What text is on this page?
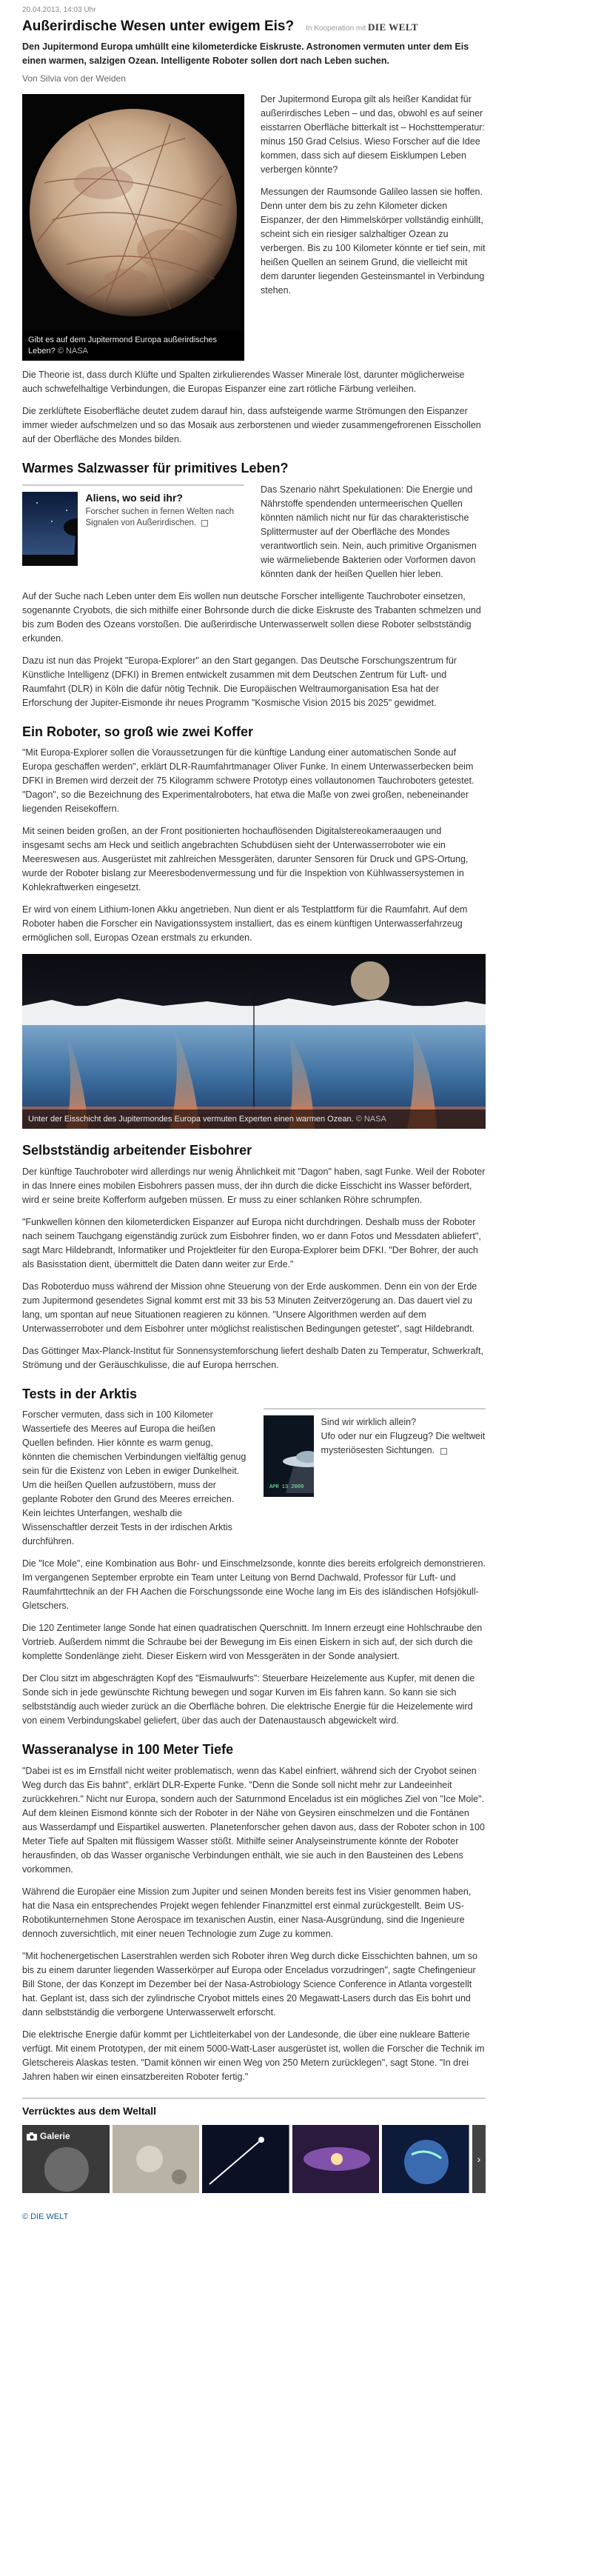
20.04.2013, 14:03 Uhr
Außerirdische Wesen unter ewigem Eis? In Kooperation mit DIE WELT
Den Jupitermond Europa umhüllt eine kilometerdicke Eiskruste. Astronomen vermuten unter dem Eis einen warmen, salzigen Ozean. Intelligente Roboter sollen dort nach Leben suchen.
Von Silvia von der Weiden
Gibt es auf dem Jupitermond Europa außerirdisches Leben? © NASA

Der Jupitermond Europa gilt als heißer Kandidat für außerirdisches Leben – und das, obwohl es auf seiner eisstarren Oberfläche bitterkalt ist – Hochsttemperatur: minus 150 Grad Celsius. Wieso Forscher auf die Idee kommen, dass sich auf diesem Eisklumpen Leben verbergen könnte?

Messungen der Raumsonde Galileo lassen sie hoffen. Denn unter dem bis zu zehn Kilometer dicken Eispanzer, der den Himmelskörper vollständig einhüllt, scheint sich ein riesiger salzhaltiger Ozean zu verbergen. Bis zu 100 Kilometer könnte er tief sein, mit heißen Quellen an seinem Grund, die vielleicht mit dem darunter liegenden Gesteinsmantel in Verbindung stehen.

Die Theorie ist, dass durch Klüfte und Spalten zirkulierendes Wasser Minerale löst, darunter möglicherweise auch schwefelhaltige Verbindungen, die Europas Eispanzer eine zart rötliche Färbung verleihen.

Die zerklüftete Eisoberfläche deutet zudem darauf hin, dass aufsteigende warme Strömungen den Eispanzer immer wieder aufschmelzen und so das Mosaik aus zerborstenen und wieder zusammengefrorenen Eisschollen auf der Oberfläche des Mondes bilden.

Warmes Salzwasser für primitives Leben?
Aliens, wo seid ihr?
Forscher suchen in fernen Welten nach Signalen von Außerirdischen.

Das Szenario nährt Spekulationen: Die Energie und Nährstoffe spendenden untermeerischen Quellen könnten nämlich nicht nur für das charakteristische Splittermuster auf der Oberfläche des Mondes verantwortlich sein. Nein, auch primitive Organismen wie wärmeliebende Bakterien oder Vorformen davon könnten dank der heißen Quellen hier leben.

Auf der Suche nach Leben unter dem Eis wollen nun deutsche Forscher intelligente Tauchroboter einsetzen, sogenannte Cryobots, die sich mithilfe einer Bohrsonde durch die dicke Eiskruste des Trabanten schmelzen und bis zum Boden des Ozeans vorstoßen. Die außerirdische Unterwasserwelt sollen diese Roboter selbstständig erkunden.

Dazu ist nun das Projekt "Europa-Explorer" an den Start gegangen. Das Deutsche Forschungszentrum für Künstliche Intelligenz (DFKI) in Bremen entwickelt zusammen mit dem Deutschen Zentrum für Luft- und Raumfahrt (DLR) in Köln die dafür nötig Technik. Die Europäischen Weltraumorganisation Esa hat der Erforschung der Jupiter-Eismonde ihr neues Programm "Kosmische Vision 2015 bis 2025" gewidmet.

Ein Roboter, so groß wie zwei Koffer

"Mit Europa-Explorer sollen die Voraussetzungen für die künftige Landung einer automatischen Sonde auf Europa geschaffen werden", erklärt DLR-Raumfahrtmanager Oliver Funke. In einem Unterwasserbecken beim DFKI in Bremen wird derzeit der 75 Kilogramm schwere Prototyp eines vollautonomen Tauchroboters getestet. "Dagon", so die Bezeichnung des Experimentalroboters, hat etwa die Maße von zwei großen, nebeneinander liegenden Reisekoffern.

Mit seinen beiden großen, an der Front positionierten hochauflösenden Digitalstereokameraaugen und insgesamt sechs am Heck und seitlich angebrachten Schubdüsen sieht der Unterwasserroboter wie ein Meereswesen aus. Ausgerüstet mit zahlreichen Messgeräten, darunter Sensoren für Druck und GPS-Ortung, wurde der Roboter bislang zur Meeresbodenvermessung und für die Inspektion von Kühlwassersystemen in Kohlekraftwerken eingesetzt.

Er wird von einem Lithium-Ionen Akku angetrieben. Nun dient er als Testplattform für die Raumfahrt. Auf dem Roboter haben die Forscher ein Navigationssystem installiert, das es einem künftigen Unterwasserfahrzeug ermöglichen soll, Europas Ozean erstmals zu erkunden.

Unter der Eisschicht des Jupitermondes Europa vermuten Experten einen warmen Ozean. © NASA
Selbstständig arbeitender Eisbohrer

Der künftige Tauchroboter wird allerdings nur wenig Ähnlichkeit mit "Dagon" haben, sagt Funke. Weil der Roboter in das Innere eines mobilen Eisbohrers passen muss, der ihn durch die dicke Eisschicht ins Wasser befördert, wird er seine breite Kofferform aufgeben müssen. Er muss zu einer schlanken Röhre schrumpfen.

"Funkwellen können den kilometerdicken Eispanzer auf Europa nicht durchdringen. Deshalb muss der Roboter nach seinem Tauchgang eigenständig zurück zum Eisbohrer finden, wo er dann Fotos und Messdaten abliefert", sagt Marc Hildebrandt, Informatiker und Projektleiter für den Europa-Explorer beim DFKI. "Der Bohrer, der auch als Basisstation dient, übermittelt die Daten dann weiter zur Erde."

Das Roboterduo muss während der Mission ohne Steuerung von der Erde auskommen. Denn ein von der Erde zum Jupitermond gesendetes Signal kommt erst mit 33 bis 53 Minuten Zeitverzögerung an. Das dauert viel zu lang, um spontan auf neue Situationen reagieren zu können. "Unsere Algorithmen werden auf dem Unterwasserroboter und dem Eisbohrer unter möglichst realistischen Bedingungen getestet", sagt Hildebrandt.

Das Göttinger Max-Planck-Institut für Sonnensystemforschung liefert deshalb Daten zu Temperatur, Schwerkraft, Strömung und der Geräuschkulisse, die auf Europa herrschen.

Tests in der Arktis

Forscher vermuten, dass sich in 100 Kilometer Wassertiefe des Meeres auf Europa die heißen Quellen befinden. Hier könnte es warm genug, könnten die chemischen Verbindungen vielfältig genug sein für die Existenz von Leben in ewiger Dunkelheit. Um die heißen Quellen aufzustöbern, muss der geplante Roboter den Grund des Meeres erreichen. Kein leichtes Unterfangen, weshalb die Wissenschaftler derzeit Tests in der irdischen Arktis durchführen.

APR 13 2009
Sind wir wirklich allein?
Ufo oder nur ein Flugzeug? Die weltweit mysteriösesten Sichtungen.

Die "Ice Mole", eine Kombination aus Bohr- und Einschmelzsonde, konnte dies bereits erfolgreich demonstrieren. Im vergangenen September erprobte ein Team unter Leitung von Bernd Dachwald, Professor für Luft- und Raumfahrttechnik an der FH Aachen die Forschungssonde eine Woche lang im Eis des isländischen Hofsjökull-Gletschers.

Die 120 Zentimeter lange Sonde hat einen quadratischen Querschnitt. Im Innern erzeugt eine Hohlschraube den Vortrieb. Außerdem nimmt die Schraube bei der Bewegung im Eis einen Eiskern in sich auf, der sich durch die komplette Sondenlänge zieht. Dieser Eiskern wird von Messgeräten in der Sonde analysiert.

Der Clou sitzt im abgeschrägten Kopf des "Eismaulwurfs": Steuerbare Heizelemente aus Kupfer, mit denen die Sonde sich in jede gewünschte Richtung bewegen und sogar Kurven im Eis fahren kann. So kann sie sich selbstständig auch wieder zurück an die Oberfläche bohren. Die elektrische Energie für die Heizelemente wird von einem Verbindungskabel geliefert, über das auch der Datenaustausch abgewickelt wird.

Wasseranalyse in 100 Meter Tiefe

"Dabei ist es im Ernstfall nicht weiter problematisch, wenn das Kabel einfriert, während sich der Cryobot seinen Weg durch das Eis bahnt", erklärt DLR-Experte Funke. "Denn die Sonde soll nicht mehr zur Landeeinheit zurückkehren." Nicht nur Europa, sondern auch der Saturnmond Enceladus ist ein mögliches Ziel von "Ice Mole". Auf dem kleinen Eismond könnte sich der Roboter in der Nähe von Geysiren einschmelzen und die Fontänen aus Wasserdampf und Eispartikel auswerten. Planetenforscher gehen davon aus, dass der Roboter schon in 100 Meter Tiefe auf Spalten mit flüssigem Wasser stößt. Mithilfe seiner Analyseinstrumente könnte der Roboter herausfinden, ob das Wasser organische Verbindungen enthält, wie sie auch in den Bausteinen des Lebens vorkommen.

Während die Europäer eine Mission zum Jupiter und seinen Monden bereits fest ins Visier genommen haben, hat die Nasa ein entsprechendes Projekt wegen fehlender Finanzmittel erst einmal zurückgestellt. Beim US-Robotikunternehmen Stone Aerospace im texanischen Austin, einer Nasa-Ausgründung, sind die Ingenieure dennoch zuversichtlich, mit einer neuen Technologie zum Zuge zu kommen.

"Mit hochenergetischen Laserstrahlen werden sich Roboter ihren Weg durch dicke Eisschichten bahnen, um so bis zu einem darunter liegenden Wasserkörper auf Europa oder Enceladus vorzudringen", sagte Chefingenieur Bill Stone, der das Konzept im Dezember bei der Nasa-Astrobiology Science Conference in Atlanta vorgestellt hat. Geplant ist, dass sich der zylindrische Cryobot mittels eines 20 Megawatt-Lasers durch das Eis bohrt und dann selbstständig die verborgene Unterwasserwelt erforscht.

Die elektrische Energie dafür kommt per Lichtleiterkabel von der Landesonde, die über eine nukleare Batterie verfügt. Mit einem Prototypen, der mit einem 5000-Watt-Laser ausgerüstet ist, wollen die Forscher die Technik im Gletschereis Alaskas testen. "Damit können wir einen Weg von 250 Metern zurücklegen", sagt Stone. "In drei Jahren haben wir einen einsatzbereiten Roboter fertig."

Verrücktes aus dem Weltall
Galerie
›
© DIE WELT
